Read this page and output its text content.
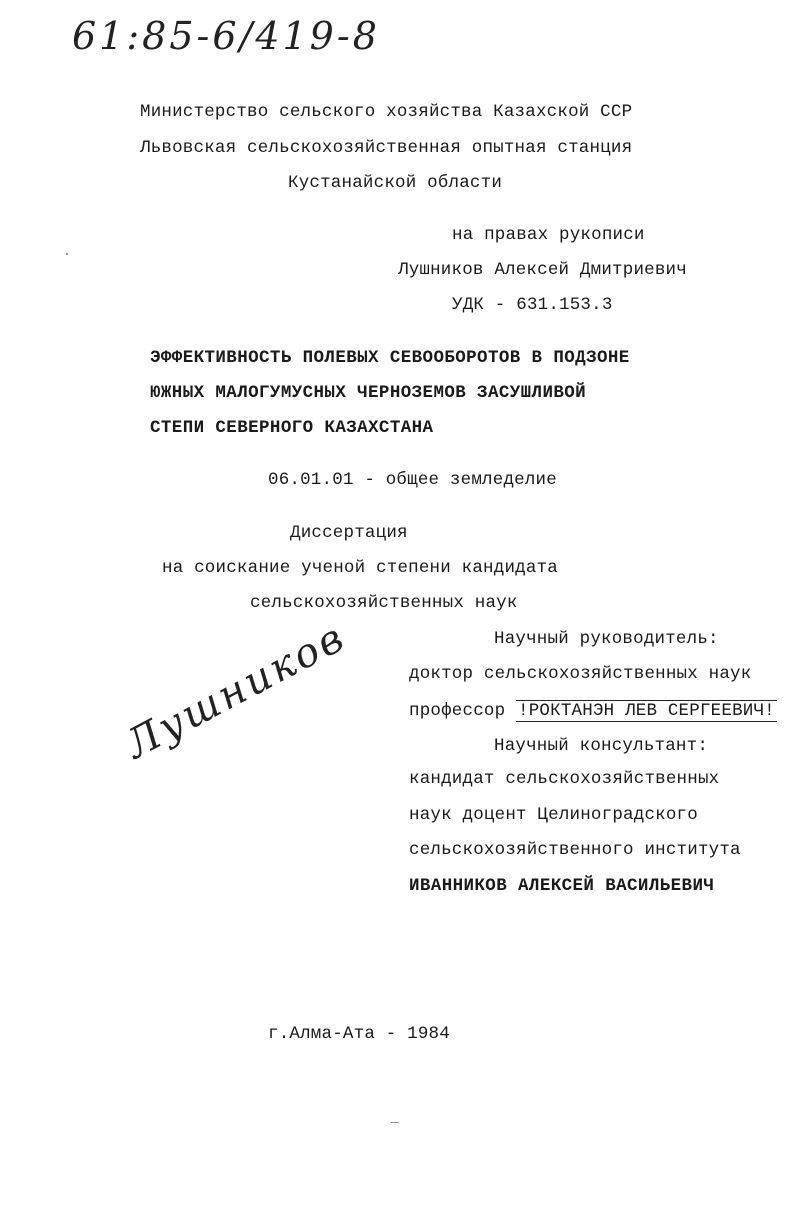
61:85-6/419-8
Министерство сельского хозяйства Казахской ССР
Львовская сельскохозяйственная опытная станция
Кустанайской области
на правах рукописи
Лушников Алексей Дмитриевич
УДК - 631.153.3
ЭФФЕКТИВНОСТЬ ПОЛЕВЫХ СЕВООБОРОТОВ В ПОДЗОНЕ
ЮЖНЫХ МАЛОГУМУСНЫХ ЧЕРНОЗЕМОВ ЗАСУШЛИВОЙ
СТЕПИ СЕВЕРНОГО КАЗАХСТАНА
06.01.01 - общее земледелие
Диссертация
на соискание ученой степени кандидата
сельскохозяйственных наук
Научный руководитель:
доктор сельскохозяйственных наук
профессор !РОКТАНЭН ЛЕВ СЕРГЕЕВИЧ!
Лушников	Научный консультант:
кандидат сельскохозяйственных
наук доцент Целиноградского
сельскохозяйственного института
ИВАННИКОВ АЛЕКСЕЙ ВАСИЛЬЕВИЧ
г.Алма-Ата - 1984
